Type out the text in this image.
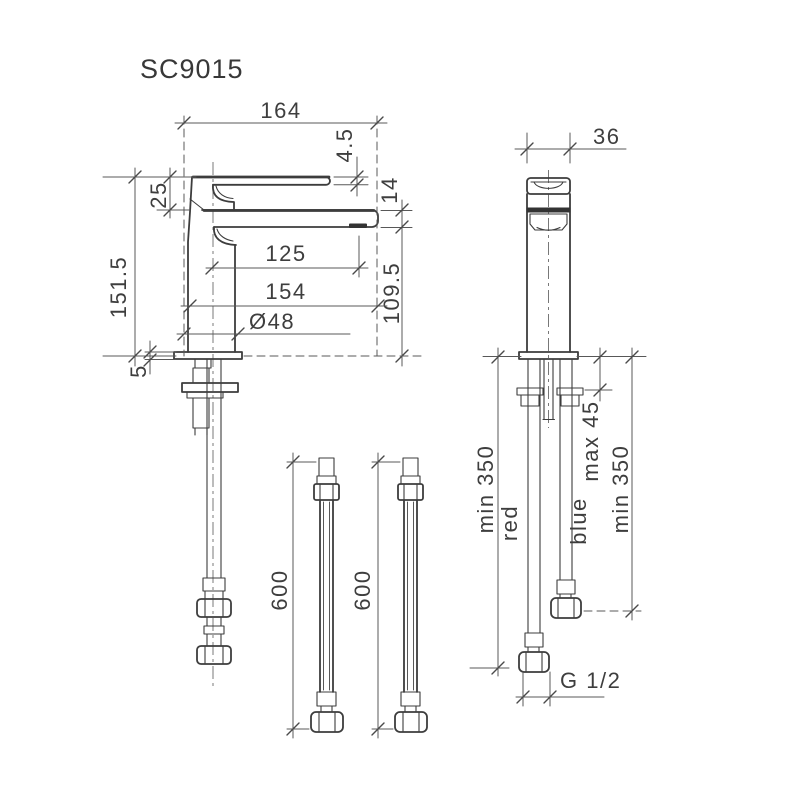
SC9015
164
151.5
25
4.5
14
109.5
125
154
Ø48
5
600	600
36
min 350
max 45
min 350
red blue
G 1/2
